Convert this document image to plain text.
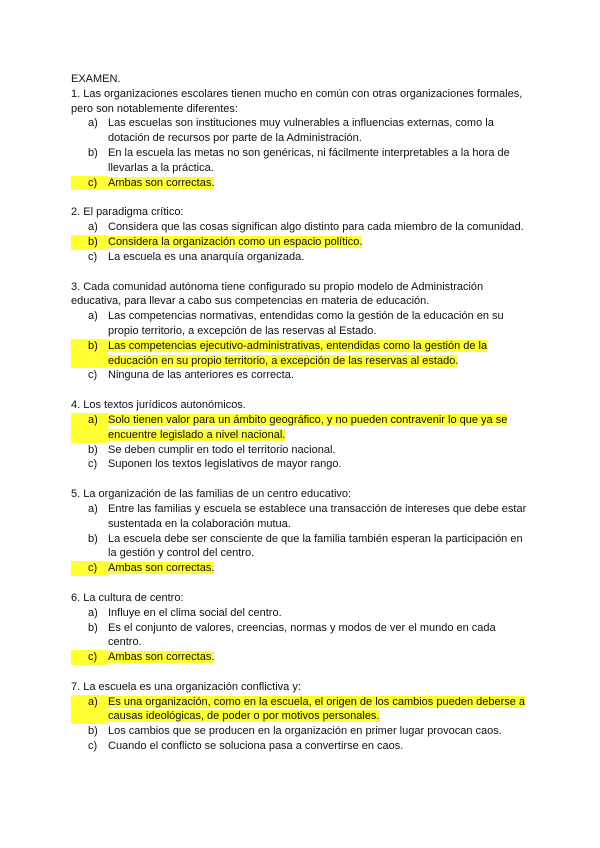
EXAMEN.

1. Las organizaciones escolares tienen mucho en común con otras organizaciones formales, pero son notablemente diferentes:

a) Las escuelas son instituciones muy vulnerables a influencias externas, como la dotación de recursos por parte de la Administración.
b) En la escuela las metas no son genéricas, ni fácilmente interpretables a la hora de llevarlas a la práctica.
c) Ambas son correctas.

2. El paradigma crítico:

a) Considera que las cosas significan algo distinto para cada miembro de la comunidad.
b) Considera la organización como un espacio político.
c) La escuela es una anarquía organizada.

3. Cada comunidad autónoma tiene configurado su propio modelo de Administración educativa, para llevar a cabo sus competencias en materia de educación.

a) Las competencias normativas, entendidas como la gestión de la educación en su propio territorio, a excepción de las reservas al Estado.
b) Las competencias ejecutivo-administrativas, entendidas como la gestión de la educación en su propio territorio, a excepción de las reservas al estado.
c) Ninguna de las anteriores es correcta.

4. Los textos jurídicos autonómicos.

a) Solo tienen valor para un ámbito geográfico, y no pueden contravenir lo que ya se encuentre legislado a nivel nacional.
b) Se deben cumplir en todo el territorio nacional.
c) Suponen los textos legislativos de mayor rango.

5. La organización de las familias de un centro educativo:

a) Entre las familias y escuela se establece una transacción de intereses que debe estar sustentada en la colaboración mutua.
b) La escuela debe ser consciente de que la familia también esperan la participación en la gestión y control del centro.
c) Ambas son correctas.

6. La cultura de centro:

a) Influye en el clima social del centro.
b) Es el conjunto de valores, creencias, normas y modos de ver el mundo en cada centro.
c) Ambas son correctas.

7. La escuela es una organización conflictiva y:

a) Es una organización, como en la escuela, el origen de los cambios pueden deberse a causas ideológicas, de poder o por motivos personales.
b) Los cambios que se producen en la organización en primer lugar provocan caos.
c) Cuando el conflicto se soluciona pasa a convertirse en caos.
